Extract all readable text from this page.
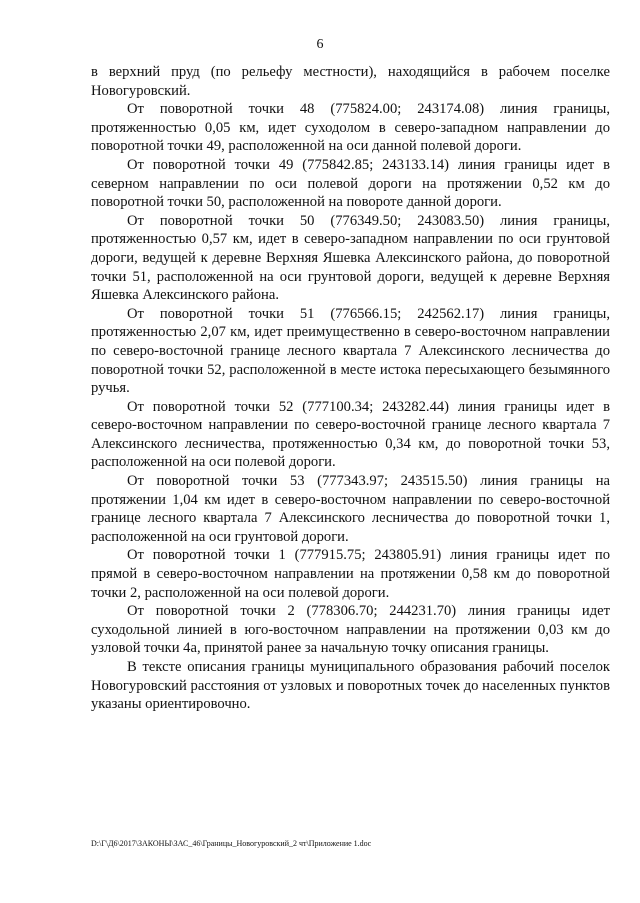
6

в верхний пруд (по рельефу местности), находящийся в рабочем поселке Новогуровский.

От поворотной точки 48 (775824.00; 243174.08) линия границы, протяженностью 0,05 км, идет суходолом в северо-западном направлении до поворотной точки 49, расположенной на оси данной полевой дороги.

От поворотной точки 49 (775842.85; 243133.14) линия границы идет в северном направлении по оси полевой дороги на протяжении 0,52 км до поворотной точки 50, расположенной на повороте данной дороги.

От поворотной точки 50 (776349.50; 243083.50) линия границы, протяженностью 0,57 км, идет в северо-западном направлении по оси грунтовой дороги, ведущей к деревне Верхняя Яшевка Алексинского района, до поворотной точки 51, расположенной на оси грунтовой дороги, ведущей к деревне Верхняя Яшевка Алексинского района.

От поворотной точки 51 (776566.15; 242562.17) линия границы, протяженностью 2,07 км, идет преимущественно в северо-восточном направлении по северо-восточной границе лесного квартала 7 Алексинского лесничества до поворотной точки 52, расположенной в месте истока пересыхающего безымянного ручья.

От поворотной точки 52 (777100.34; 243282.44) линия границы идет в северо-восточном направлении по северо-восточной границе лесного квартала 7 Алексинского лесничества, протяженностью 0,34 км, до поворотной точки 53, расположенной на оси полевой дороги.

От поворотной точки 53 (777343.97; 243515.50) линия границы на протяжении 1,04 км идет в северо-восточном направлении по северо-восточной границе лесного квартала 7 Алексинского лесничества до поворотной точки 1, расположенной на оси грунтовой дороги.

От поворотной точки 1 (777915.75; 243805.91) линия границы идет по прямой в северо-восточном направлении на протяжении 0,58 км до поворотной точки 2, расположенной на оси полевой дороги.

От поворотной точки 2 (778306.70; 244231.70) линия границы идет суходольной линией в юго-восточном направлении на протяжении 0,03 км до узловой точки 4а, принятой ранее за начальную точку описания границы.

В тексте описания границы муниципального образования рабочий поселок Новогуровский расстояния от узловых и поворотных точек до населенных пунктов указаны ориентировочно.

D:\Г\Д6\2017\ЗАКОНЫ\ЗАС_46\Границы_Новогуровский_2 чт\Приложение 1.doc
